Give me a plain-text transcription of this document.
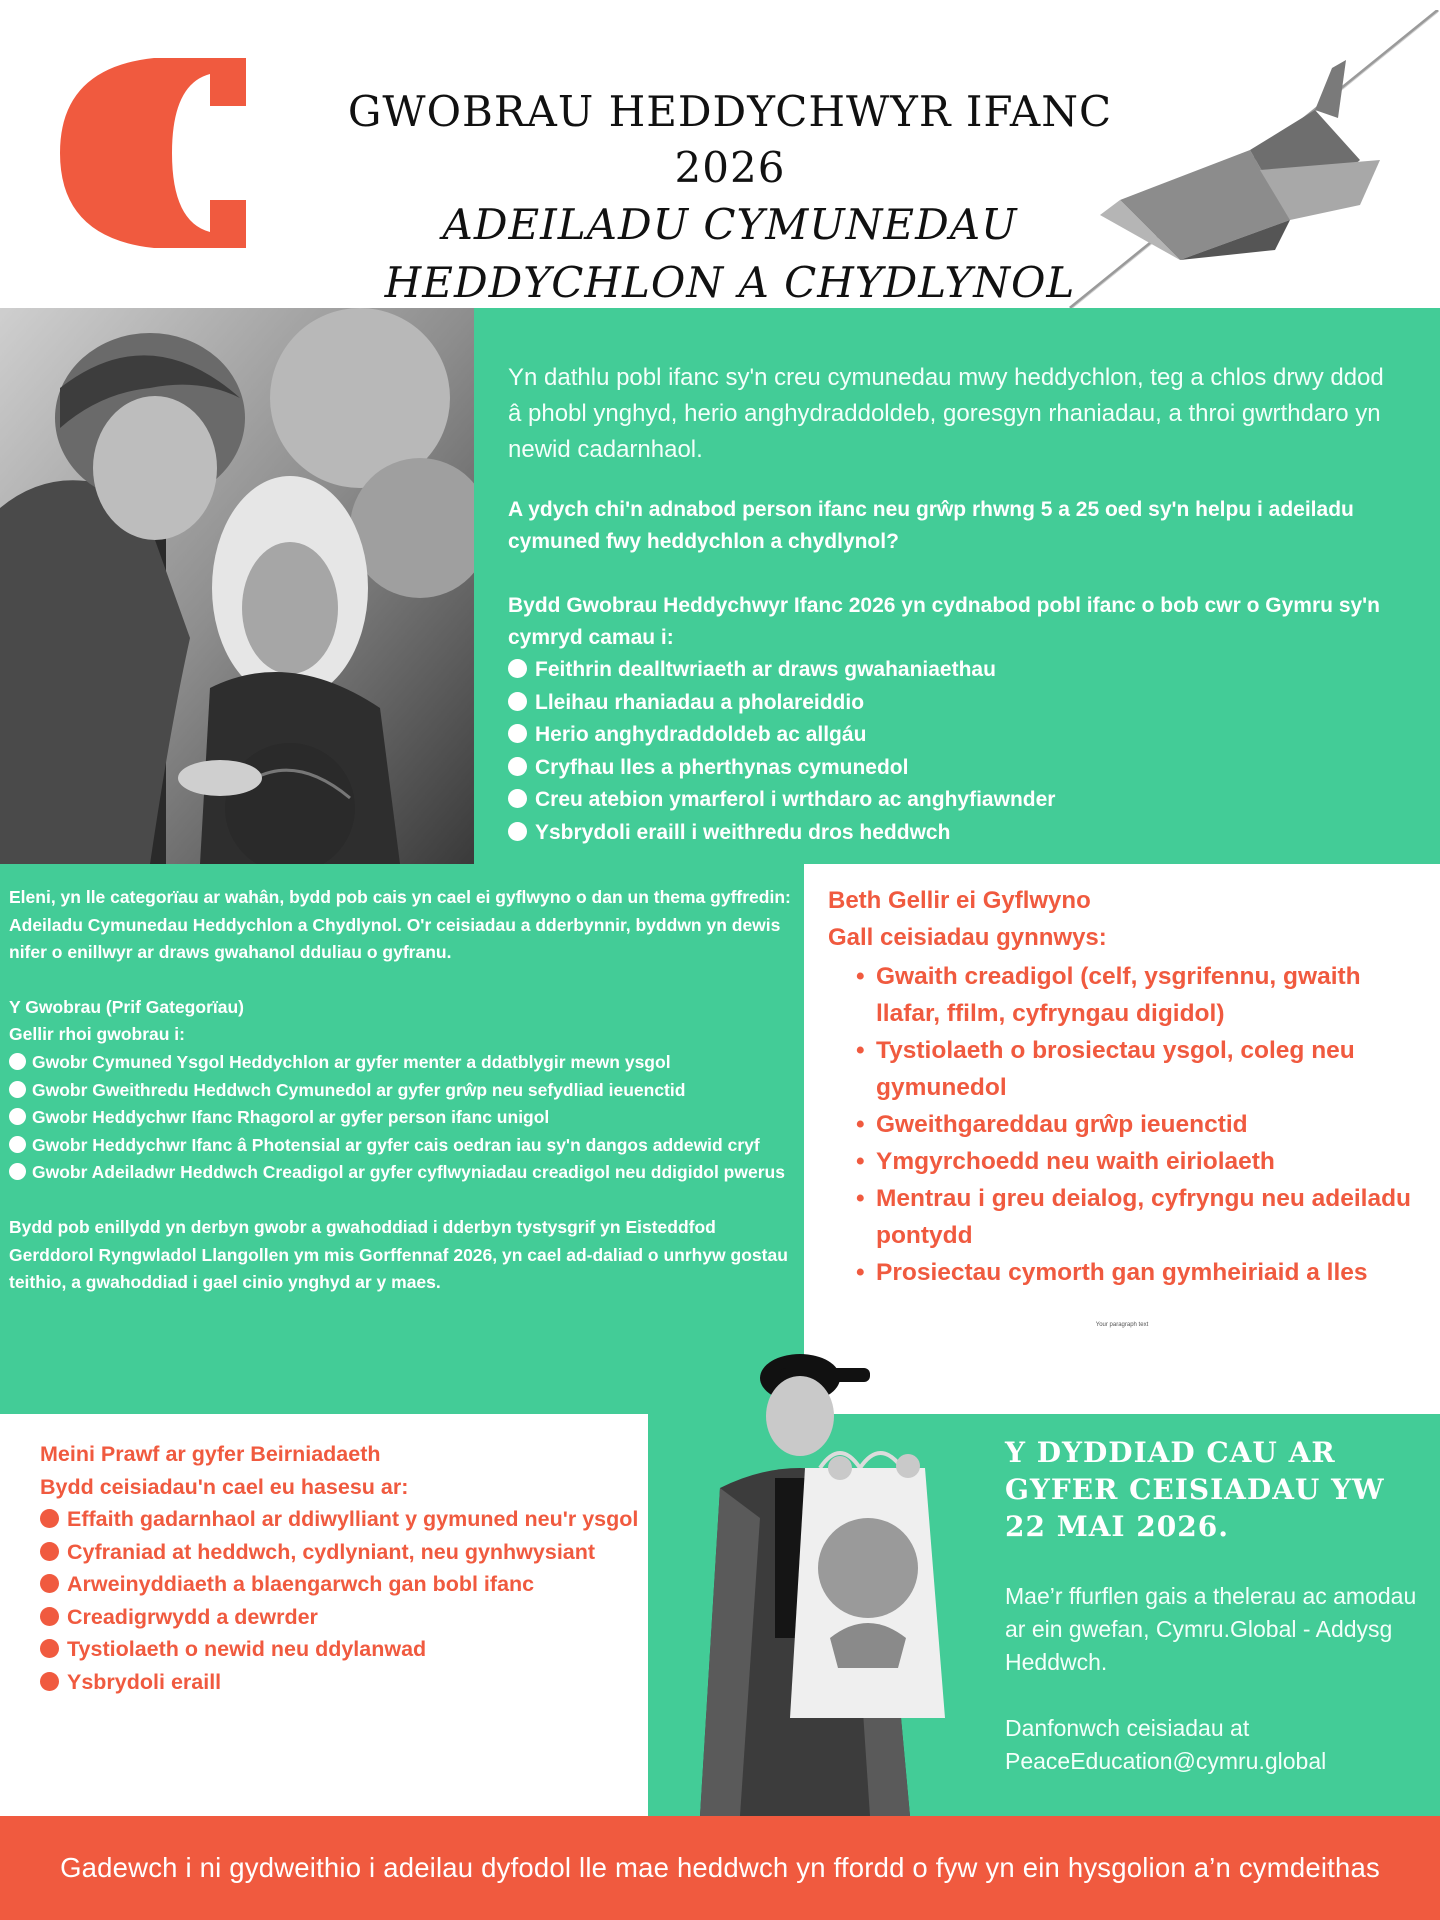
GWOBRAU HEDDYCHWYR IFANC 2026
ADEILADU CYMUNEDAU
HEDDYCHLON A CHYDLYNOL

Yn dathlu pobl ifanc sy'n creu cymunedau mwy heddychlon, teg a chlos drwy ddod â phobl ynghyd, herio anghydraddoldeb, goresgyn rhaniadau, a throi gwrthdaro yn newid cadarnhaol.

A ydych chi'n adnabod person ifanc neu grŵp rhwng 5 a 25 oed sy'n helpu i adeiladu cymuned fwy heddychlon a chydlynol?

Bydd Gwobrau Heddychwyr Ifanc 2026 yn cydnabod pobl ifanc o bob cwr o Gymru sy'n cymryd camau i:

Feithrin dealltwriaeth ar draws gwahaniaethau
Lleihau rhaniadau a pholareiddio
Herio anghydraddoldeb ac allgáu
Cryfhau lles a pherthynas cymunedol
Creu atebion ymarferol i wrthdaro ac anghyfiawnder
Ysbrydoli eraill i weithredu dros heddwch

Eleni, yn lle categorïau ar wahân, bydd pob cais yn cael ei gyflwyno o dan un thema gyffredin: Adeiladu Cymunedau Heddychlon a Chydlynol. O'r ceisiadau a dderbynnir, byddwn yn dewis nifer o enillwyr ar draws gwahanol dduliau o gyfranu.

Y Gwobrau (Prif Gategorïau)

Gellir rhoi gwobrau i:

Gwobr Cymuned Ysgol Heddychlon ar gyfer menter a ddatblygir mewn ysgol
Gwobr Gweithredu Heddwch Cymunedol ar gyfer grŵp neu sefydliad ieuenctid
Gwobr Heddychwr Ifanc Rhagorol ar gyfer person ifanc unigol
Gwobr Heddychwr Ifanc â Photensial ar gyfer cais oedran iau sy'n dangos addewid cryf
Gwobr Adeiladwr Heddwch Creadigol ar gyfer cyflwyniadau creadigol neu ddigidol pwerus

Bydd pob enillydd yn derbyn gwobr a gwahoddiad i dderbyn tystysgrif yn Eisteddfod Gerddorol Ryngwladol Llangollen ym mis Gorffennaf 2026, yn cael ad-daliad o unrhyw gostau teithio, a gwahoddiad i gael cinio ynghyd ar y maes.

Beth Gellir ei Gyflwyno

Gall ceisiadau gynnwys:

• Gwaith creadigol (celf, ysgrifennu, gwaith llafar, ffilm, cyfryngau digidol)
• Tystiolaeth o brosiectau ysgol, coleg neu gymunedol
• Gweithgareddau grŵp ieuenctid
• Ymgyrchoedd neu waith eiriolaeth
• Mentrau i greu deialog, cyfryngu neu adeiladu pontydd
• Prosiectau cymorth gan gymheiriaid a lles
Your paragraph text

Meini Prawf ar gyfer Beirniadaeth

Bydd ceisiadau'n cael eu hasesu ar:

Effaith gadarnhaol ar ddiwylliant y gymuned neu'r ysgol
Cyfraniad at heddwch, cydlyniant, neu gynhwysiant
Arweinyddiaeth a blaengarwch gan bobl ifanc
Creadigrwydd a dewrder
Tystiolaeth o newid neu ddylanwad
Ysbrydoli eraill
Y DYDDIAD CAU AR
GYFER CEISIADAU YW
22 MAI 2026.

Mae’r ffurflen gais a thelerau ac amodau ar ein gwefan, Cymru.Global - Addysg Heddwch.

Danfonwch ceisiadau at
PeaceEducation@cymru.global

Gadewch i ni gydweithio i adeilau dyfodol lle mae heddwch yn ffordd o fyw yn ein hysgolion a’n cymdeithas
